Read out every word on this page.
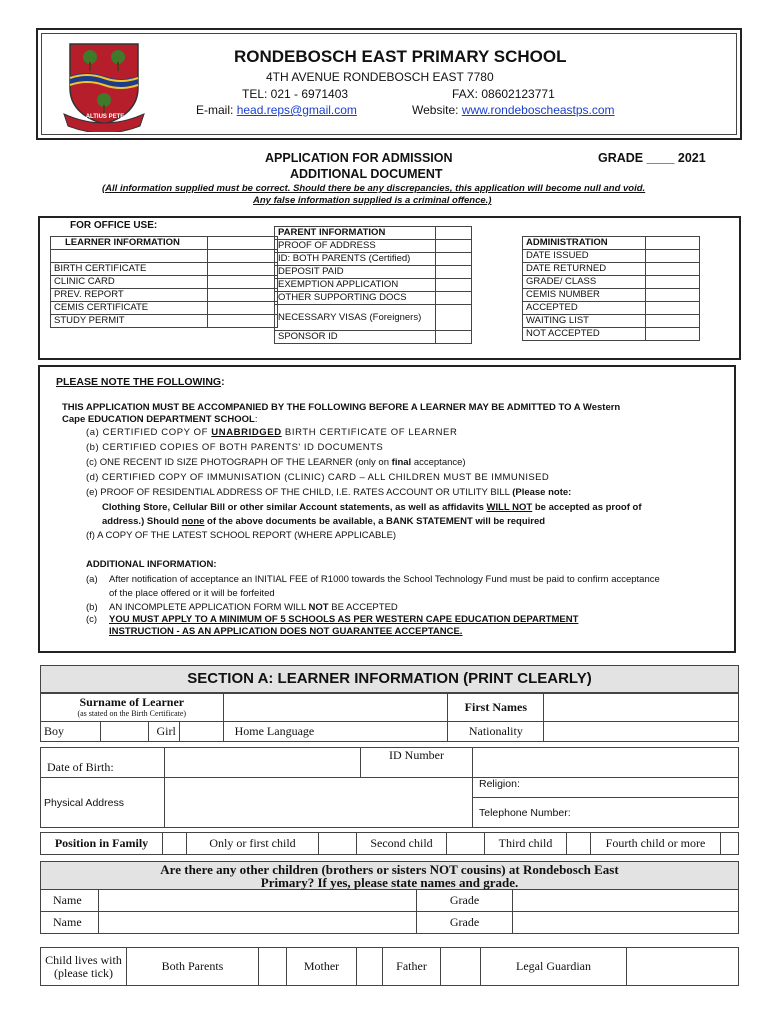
ALTIUS PETE
RONDEBOSCH EAST PRIMARY SCHOOL
4TH AVENUE RONDEBOSCH EAST 7780
TEL: 021 - 6971403	FAX: 08602123771
E-mail: head.reps@gmail.com	Website: www.rondeboscheastps.com
APPLICATION FOR ADMISSION
ADDITIONAL DOCUMENT
GRADE ____ 2021
(All information supplied must be correct. Should there be any discrepancies, this application will become null and void.
Any false information supplied is a criminal offence.)
FOR OFFICE USE:
LEARNER INFORMATION	

BIRTH CERTIFICATE	
CLINIC CARD	
PREV. REPORT	
CEMIS CERTIFICATE	
STUDY PERMIT	
PARENT INFORMATION	
PROOF OF ADDRESS	
ID: BOTH PARENTS (Certified)	
DEPOSIT PAID	
EXEMPTION APPLICATION	
OTHER SUPPORTING DOCS	
NECESSARY VISAS (Foreigners)	
SPONSOR ID	
ADMINISTRATION	
DATE ISSUED	
DATE RETURNED	
GRADE/ CLASS	
CEMIS NUMBER	
ACCEPTED	
WAITING LIST	
NOT ACCEPTED	
PLEASE NOTE THE FOLLOWING:
THIS APPLICATION MUST BE ACCOMPANIED BY THE FOLLOWING BEFORE A LEARNER MAY BE ADMITTED TO A Western
Cape EDUCATION DEPARTMENT SCHOOL:
(a) CERTIFIED COPY OF UNABRIDGED BIRTH CERTIFICATE OF LEARNER
(b) CERTIFIED COPIES OF BOTH PARENTS' ID DOCUMENTS
(c) ONE RECENT ID SIZE PHOTOGRAPH OF THE LEARNER (only on final acceptance)
(d) CERTIFIED COPY OF IMMUNISATION (CLINIC) CARD – ALL CHILDREN MUST BE IMMUNISED
(e) PROOF OF RESIDENTIAL ADDRESS OF THE CHILD, I.E. RATES ACCOUNT OR UTILITY BILL (Please note:
Clothing Store, Cellular Bill or other similar Account statements, as well as affidavits WILL NOT be accepted as proof of
address.) Should none of the above documents be available, a BANK STATEMENT will be required
(f) A COPY OF THE LATEST SCHOOL REPORT (WHERE APPLICABLE)
ADDITIONAL INFORMATION:
(a) After notification of acceptance an INITIAL FEE of R1000 towards the School Technology Fund must be paid to confirm acceptance
of the place offered or it will be forfeited
(b) AN INCOMPLETE APPLICATION FORM WILL NOT BE ACCEPTED
(c) YOU MUST APPLY TO A MINIMUM OF 5 SCHOOLS AS PER WESTERN CAPE EDUCATION DEPARTMENT
INSTRUCTION - AS AN APPLICATION DOES NOT GUARANTEE ACCEPTANCE.
SECTION A: LEARNER INFORMATION (PRINT CLEARLY)
Surname of Learner
(as stated on the Birth Certificate)					First Names	
Boy		Girl		Home Language	Nationality	
Date of Birth:		ID Number	
Physical Address			Religion:
			Telephone Number:
Position in Family		Only or first child		Second child		Third child		Fourth child or more	
Are there any other children (brothers or sisters NOT cousins) at Rondebosch East
Primary? If yes, please state names and grade.			

Name		Grade	
Name		Grade	
Child lives with
(please tick)	Both Parents		Mother		Father		Legal Guardian	
